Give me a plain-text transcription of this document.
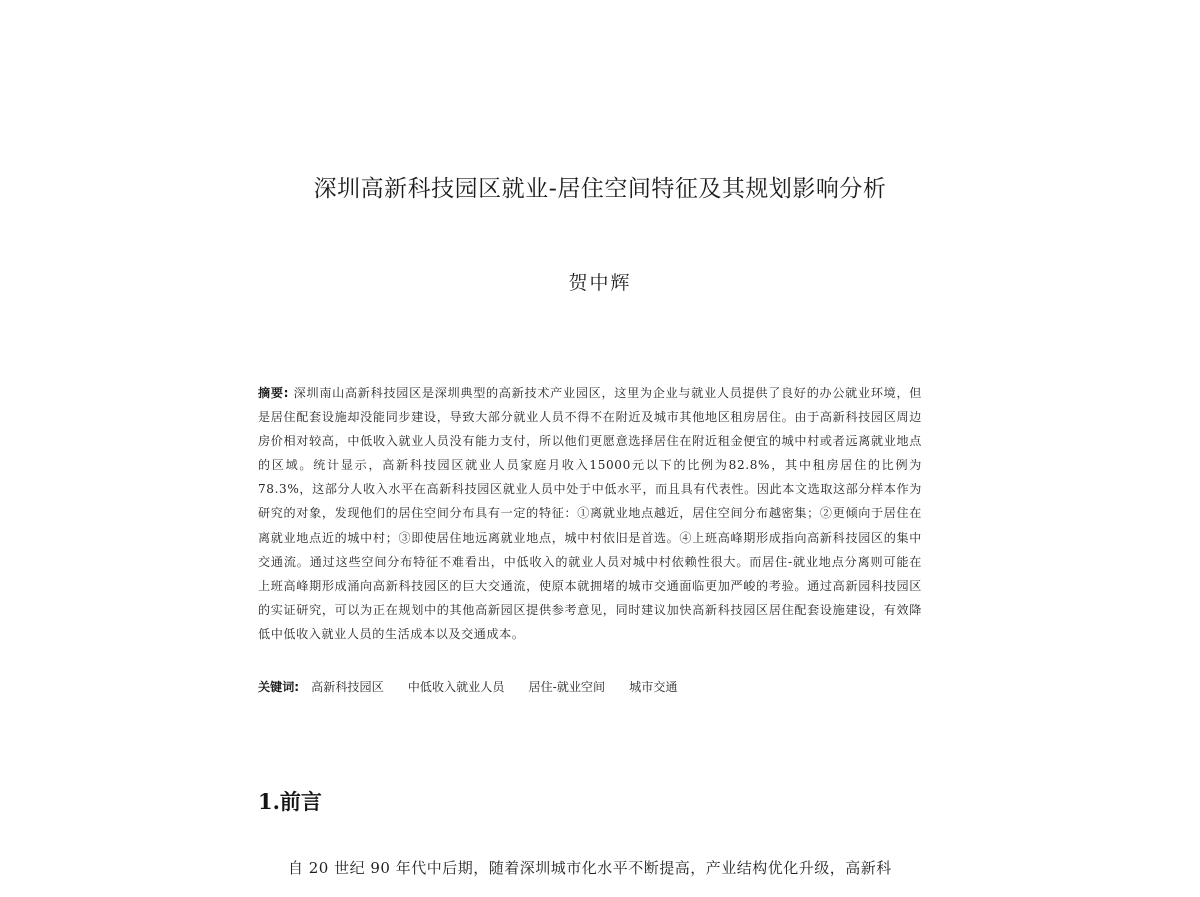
深圳高新科技园区就业-居住空间特征及其规划影响分析
贺中辉
摘要: 深圳南山高新科技园区是深圳典型的高新技术产业园区，这里为企业与就业人员提供了良好的办公就业环境，但是居住配套设施却没能同步建设，导致大部分就业人员不得不在附近及城市其他地区租房居住。由于高新科技园区周边房价相对较高，中低收入就业人员没有能力支付，所以他们更愿意选择居住在附近租金便宜的城中村或者远离就业地点的区域。统计显示，高新科技园区就业人员家庭月收入15000元以下的比例为82.8%，其中租房居住的比例为78.3%，这部分人收入水平在高新科技园区就业人员中处于中低水平，而且具有代表性。因此本文选取这部分样本作为研究的对象，发现他们的居住空间分布具有一定的特征：①离就业地点越近，居住空间分布越密集；②更倾向于居住在离就业地点近的城中村；③即使居住地远离就业地点，城中村依旧是首选。④上班高峰期形成指向高新科技园区的集中交通流。通过这些空间分布特征不难看出，中低收入的就业人员对城中村依赖性很大。而居住-就业地点分离则可能在上班高峰期形成涌向高新科技园区的巨大交通流，使原本就拥堵的城市交通面临更加严峻的考验。通过高新园科技园区的实证研究，可以为正在规划中的其他高新园区提供参考意见，同时建议加快高新科技园区居住配套设施建设，有效降低中低收入就业人员的生活成本以及交通成本。
关键词: 高新科技园区 中低收入就业人员 居住-就业空间 城市交通
1.前言
自 20 世纪 90 年代中后期，随着深圳城市化水平不断提高，产业结构优化升级，高新科
